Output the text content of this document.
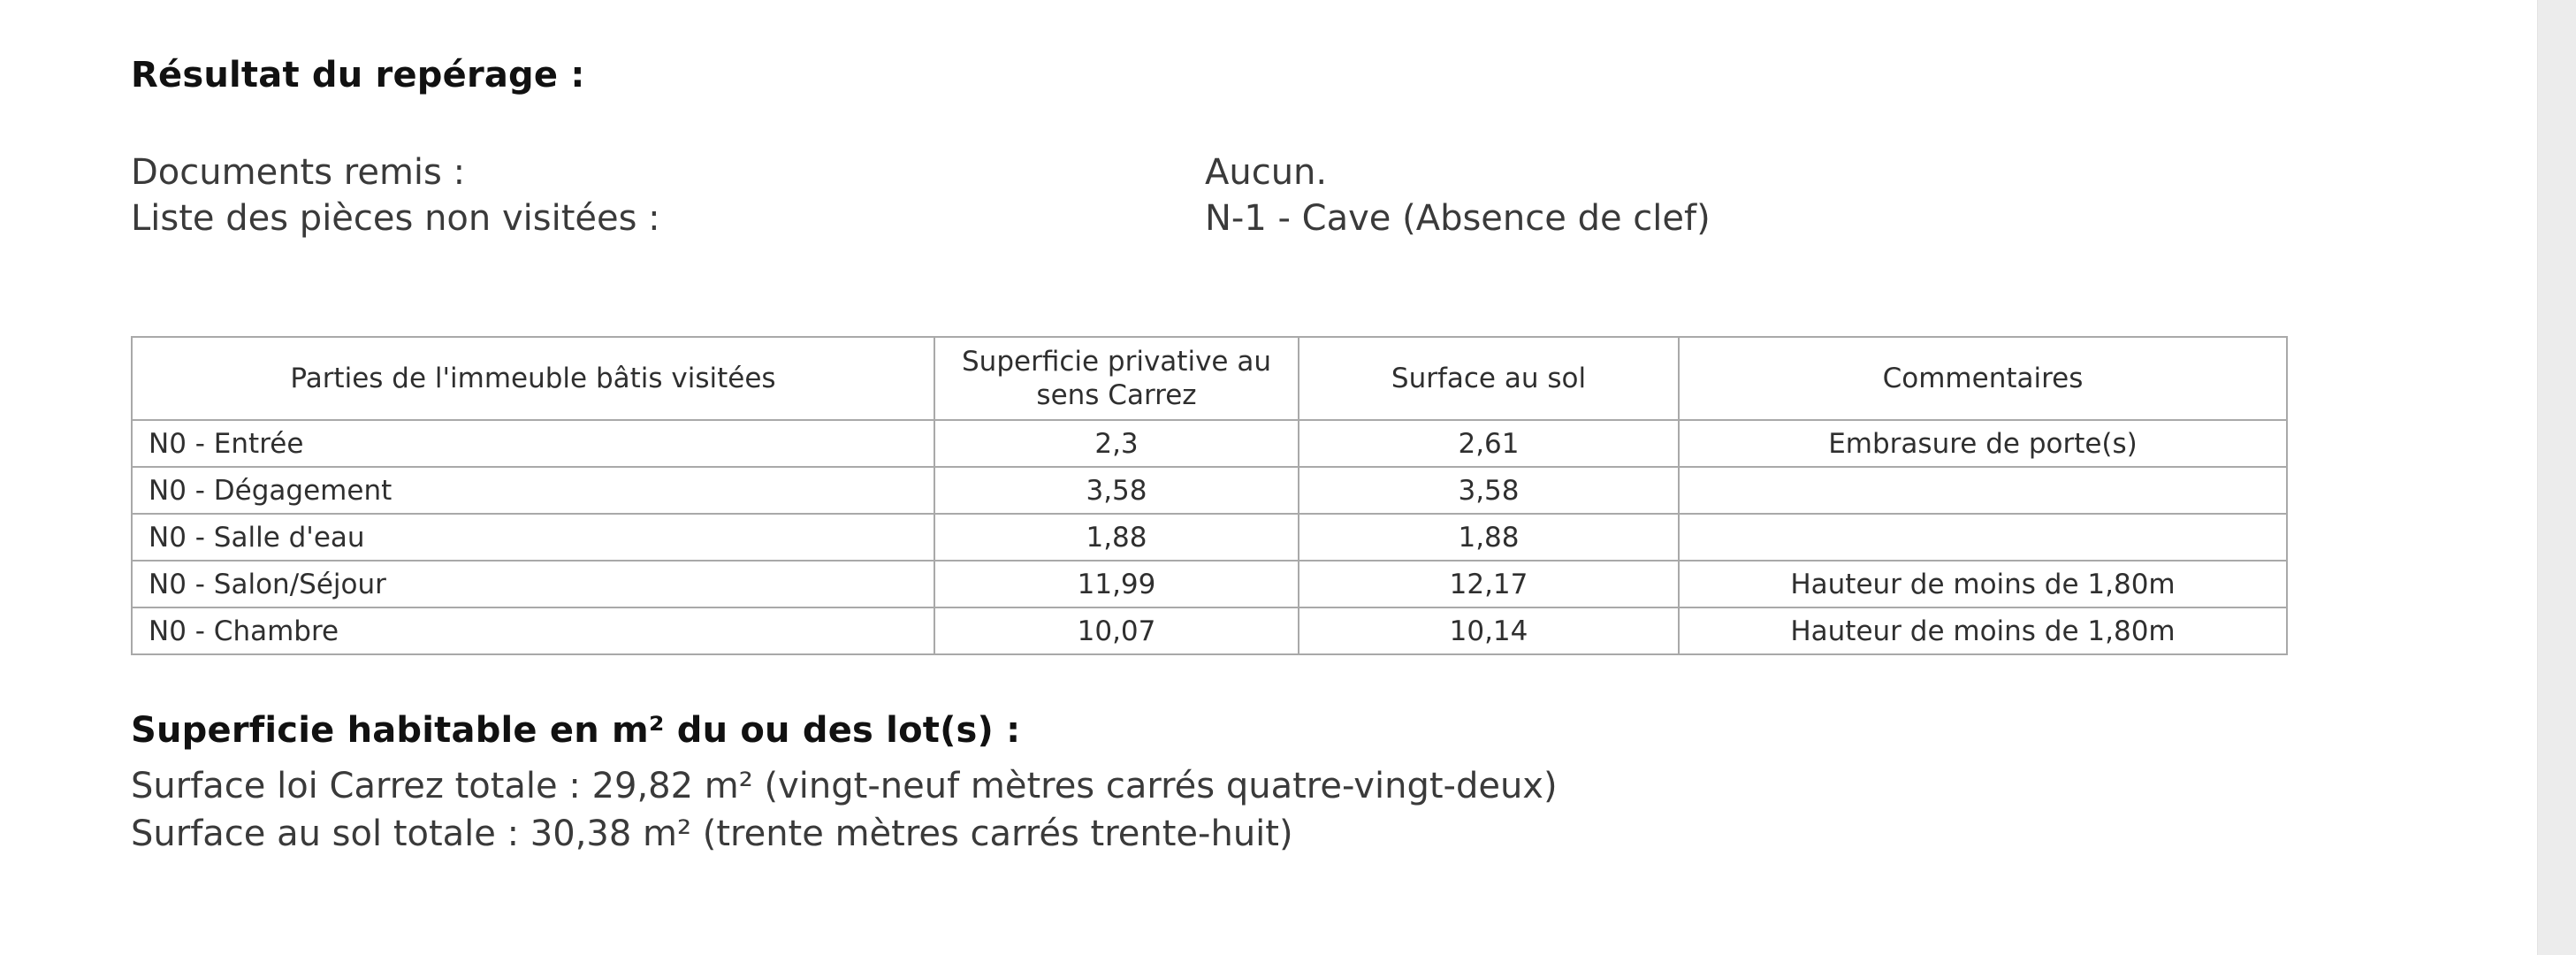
Résultat du repérage :
Documents remis :	Aucun.
Liste des pièces non visitées :	N-1 - Cave (Absence de clef)
Parties de l'immeuble bâtis visitées	Superficie privative au sens Carrez	Surface au sol	Commentaires
N0 - Entrée	2,3	2,61	Embrasure de porte(s)
N0 - Dégagement	3,58	3,58	
N0 - Salle d'eau	1,88	1,88	
N0 - Salon/Séjour	11,99	12,17	Hauteur de moins de 1,80m
N0 - Chambre	10,07	10,14	Hauteur de moins de 1,80m
Superficie habitable en m² du ou des lot(s) :
Surface loi Carrez totale : 29,82 m² (vingt-neuf mètres carrés quatre-vingt-deux)
Surface au sol totale : 30,38 m² (trente mètres carrés trente-huit)
